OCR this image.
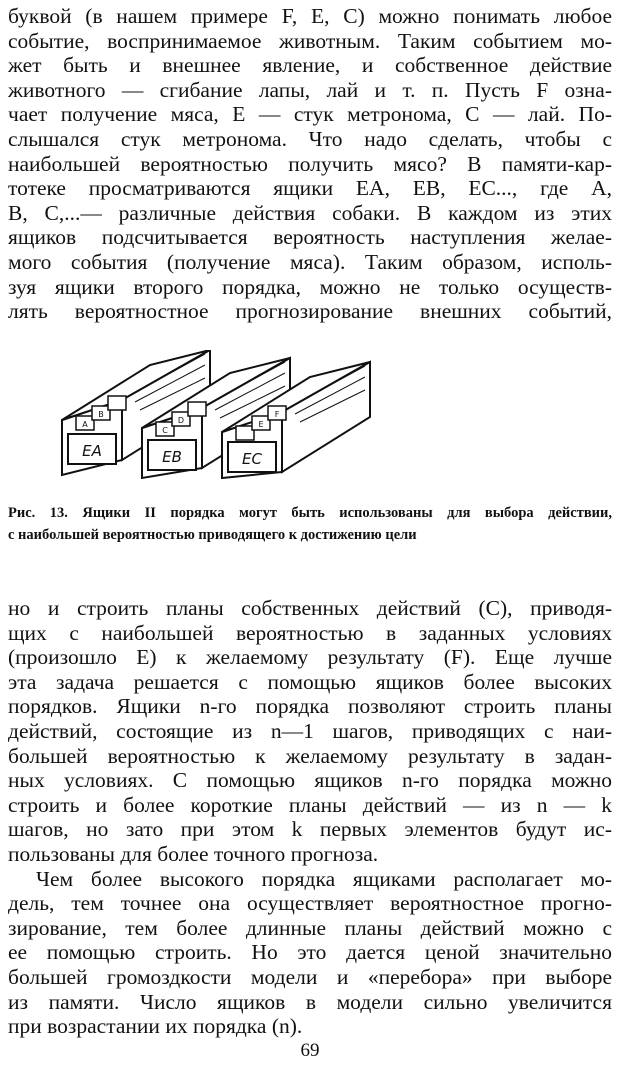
буквой (в нашем примере F, E, C) можно понимать любое
событие, воспринимаемое животным. Таким событием мо-
жет быть и внешнее явление, и собственное действие
животного — сгибание лапы, лай и т. п. Пусть F озна-
чает получение мяса, E — стук метронома, C — лай. По-
слышался стук метронома. Что надо сделать, чтобы с
наибольшей вероятностью получить мясо? В памяти-кар-
тотеке просматриваются ящики EA, EB, EC..., где A,
B, C,...— различные действия собаки. В каждом из этих
ящиков подсчитывается вероятность наступления желае-
мого события (получение мяса). Таким образом, исполь-
зуя ящики второго порядка, можно не только осуществ-
лять вероятностное прогнозирование внешних событий,
EA	EB	EC
A
B
C
D	E
F
Рис. 13. Ящики II порядка могут быть использованы для выбора действии,
с наибольшей вероятностью приводящего к достижению цели
но и строить планы собственных действий (C), приводя-
щих с наибольшей вероятностью в заданных условиях
(произошло E) к желаемому результату (F). Еще лучше
эта задача решается с помощью ящиков более высоких
порядков. Ящики n-го порядка позволяют строить планы
действий, состоящие из n—1 шагов, приводящих с наи-
большей вероятностью к желаемому результату в задан-
ных условиях. С помощью ящиков n-го порядка можно
строить и более короткие планы действий — из n — k
шагов, но зато при этом k первых элементов будут ис-
пользованы для более точного прогноза.
Чем более высокого порядка ящиками располагает мо-
дель, тем точнее она осуществляет вероятностное прогно-
зирование, тем более длинные планы действий можно с
ее помощью строить. Но это дается ценой значительно
большей громоздкости модели и «перебора» при выборе
из памяти. Число ящиков в модели сильно увеличится
при возрастании их порядка (n).
69
